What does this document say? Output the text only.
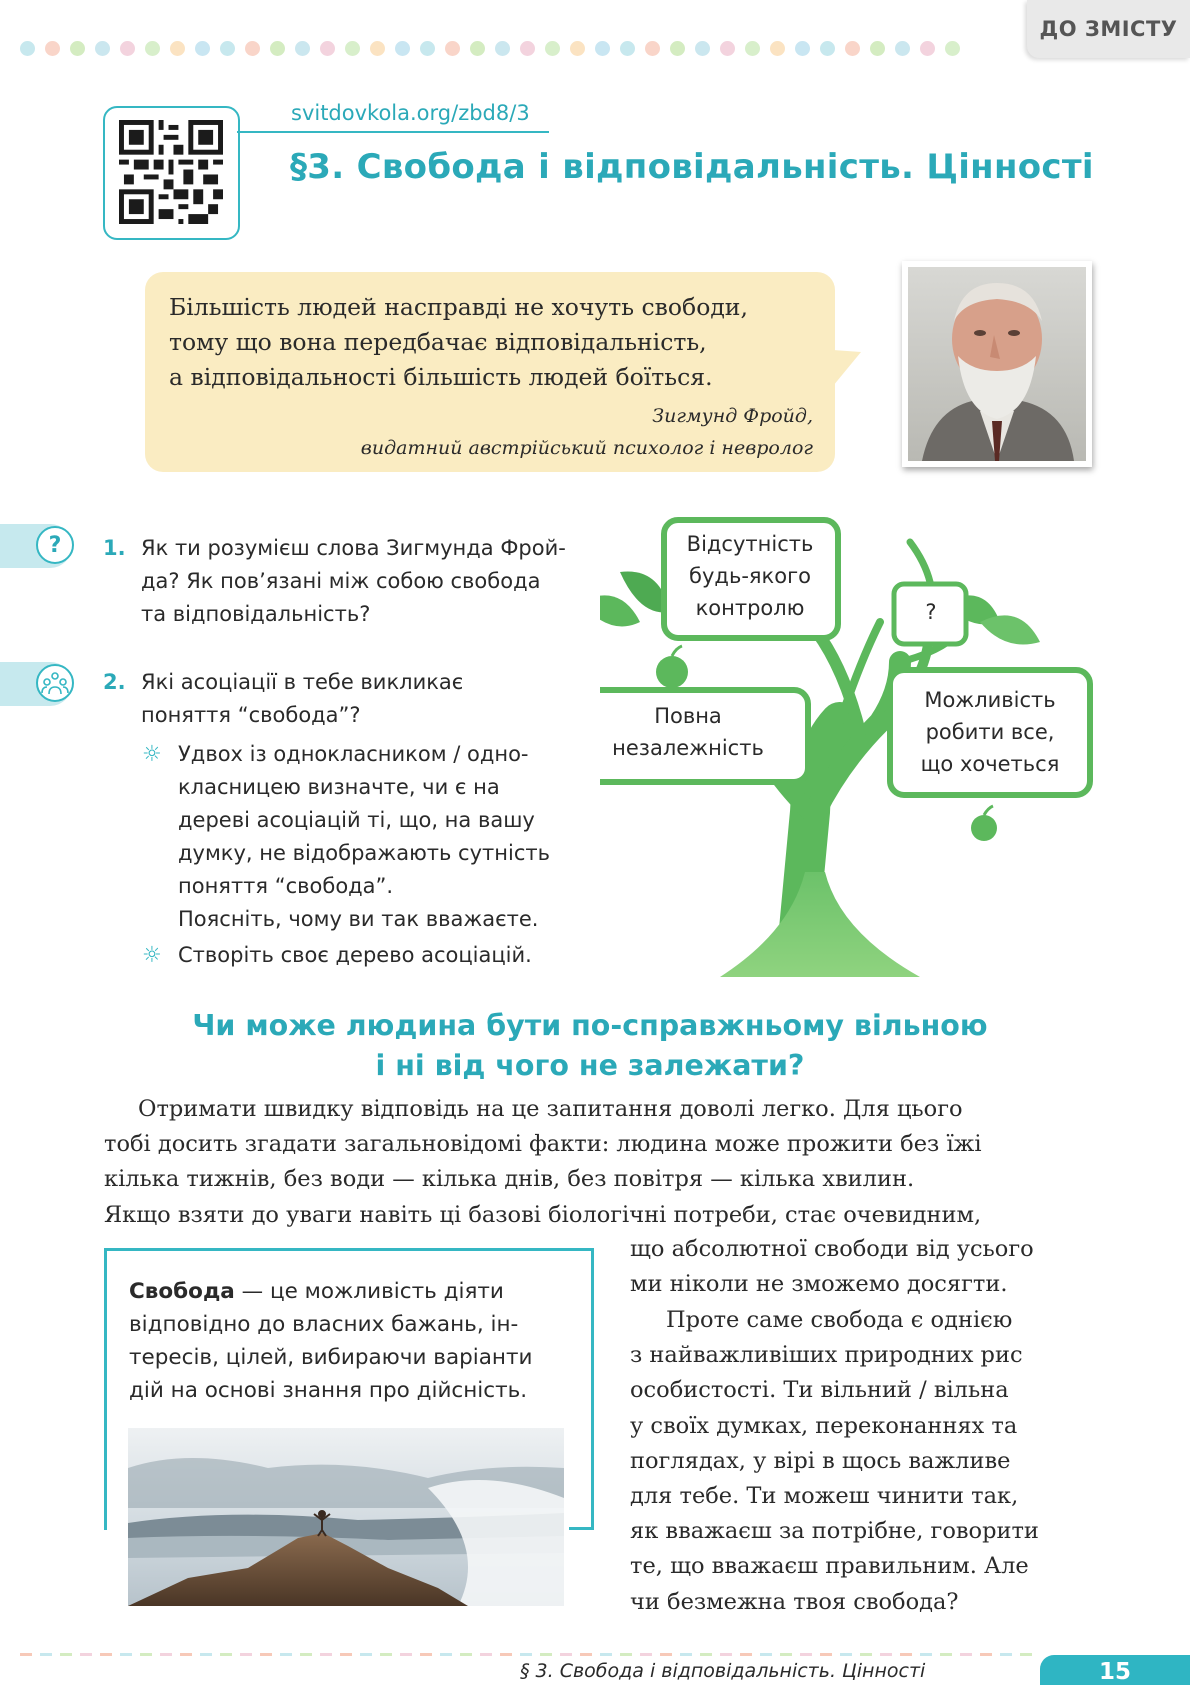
ДО ЗМІСТУ
svitdovkola.org/zbd8/3
§3. Свобода і відповідальність. Цінності
Більшість людей насправді не хочуть свободи,
тому що вона передбачає відповідальність,
а відповідальності більшість людей боїться.
Зигмунд Фройд,
видатний австрійський психолог і невролог
?	1. Як ти розумієш слова Зигмунда Фрой-
да? Як пов’язані між собою свобода
та відповідальність?
2. Які асоціації в тебе викликає
поняття “свобода”?
☼ Удвох із однокласником / одно-
класницею визначте, чи є на
дереві асоціацій ті, що, на вашу
думку, не відображають сутність
поняття “свобода”.
Поясніть, чому ви так вважаєте.
☼ Створіть своє дерево асоціацій.
Відсутність
будь-якого
контролю	?
Повна
незалежність
Можливість
робити все,
що хочеться
Чи може людина бути по-справжньому вільною
і ні від чого не залежати?
Отримати швидку відповідь на це запитання доволі легко. Для цього
тобі досить згадати загальновідомі факти: людина може прожити без їжі
кілька тижнів, без води — кілька днів, без повітря — кілька хвилин.
Якщо взяти до уваги навіть ці базові біологічні потреби, стає очевидним,
що абсолютної свободи від усього
ми ніколи не зможемо досягти.
Проте саме свобода є однією
з найважливіших природних рис
особистості. Ти вільний / вільна
у своїх думках, переконаннях та
поглядах, у вірі в щось важливе
для тебе. Ти можеш чинити так,
як вважаєш за потрібне, говорити
те, що вважаєш правильним. Але
чи безмежна твоя свобода?
Свобода — це можливість діяти
відповідно до власних бажань, ін-
тересів, цілей, вибираючи варіанти
дій на основі знання про дійсність.
§ 3. Свобода і відповідальність. Цінності	15
